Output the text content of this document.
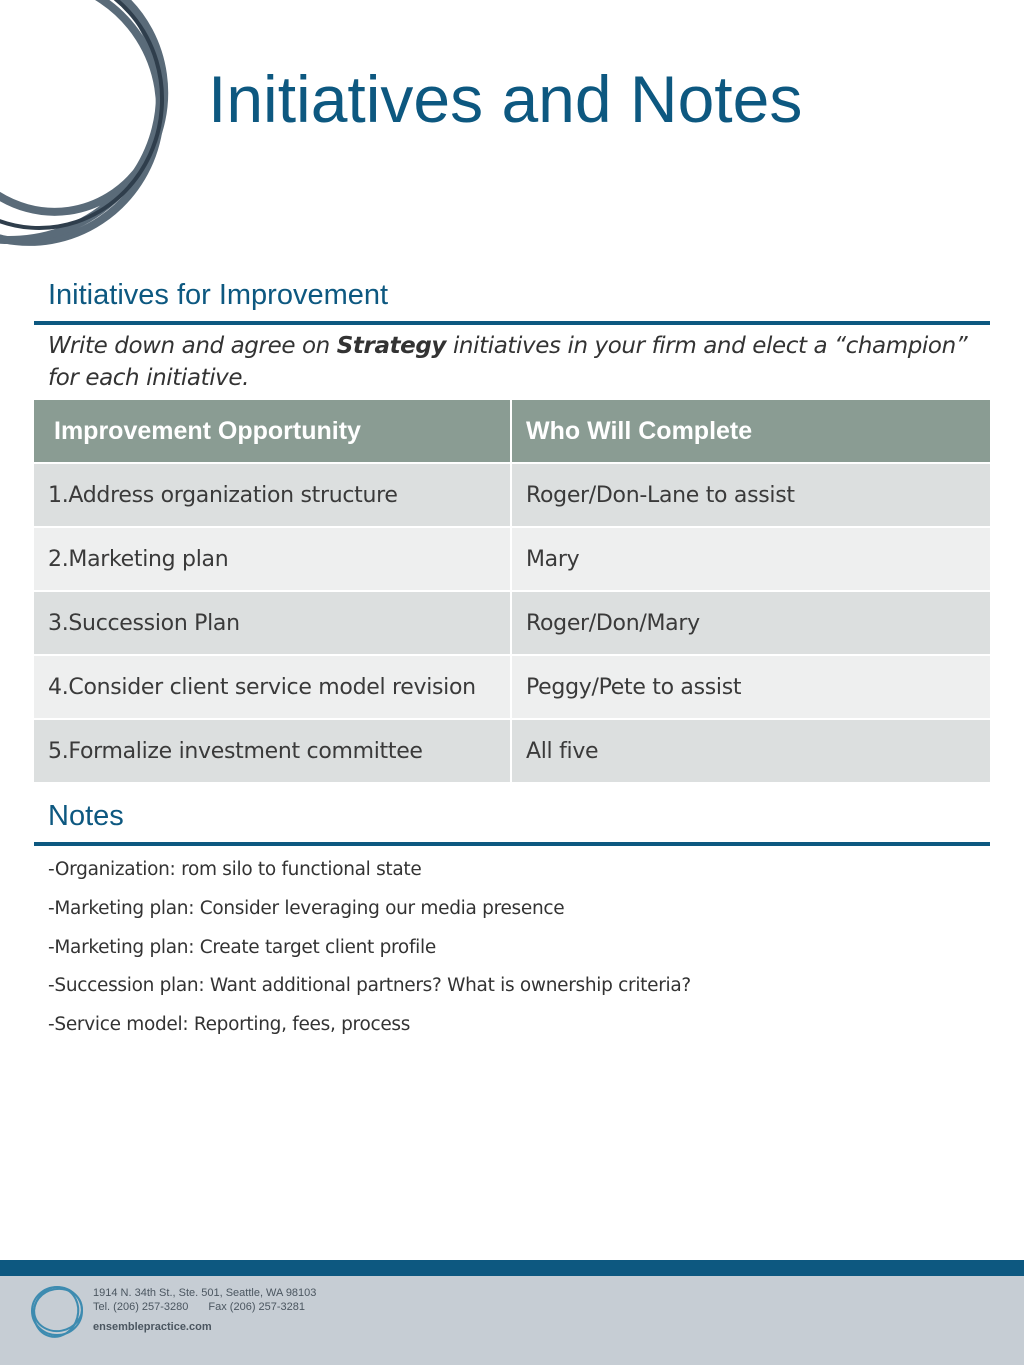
Initiatives and Notes
Initiatives for Improvement

Write down and agree on Strategy initiatives in your firm and elect a “champion” for each initiative.

Improvement Opportunity	Who Will Complete
1.Address organization structure	Roger/Don-Lane to assist
2.Marketing plan	Mary
3.Succession Plan	Roger/Don/Mary
4.Consider client service model revision	Peggy/Pete to assist
5.Formalize investment committee	All five
Notes
-Organization: rom silo to functional state
-Marketing plan: Consider leveraging our media presence
-Marketing plan: Create target client profile
-Succession plan: Want additional partners? What is ownership criteria?
-Service model: Reporting, fees, process
1914 N. 34th St., Ste. 501, Seattle, WA 98103
Tel. (206) 257-3280 Fax (206) 257-3281
ensemblepractice.com
